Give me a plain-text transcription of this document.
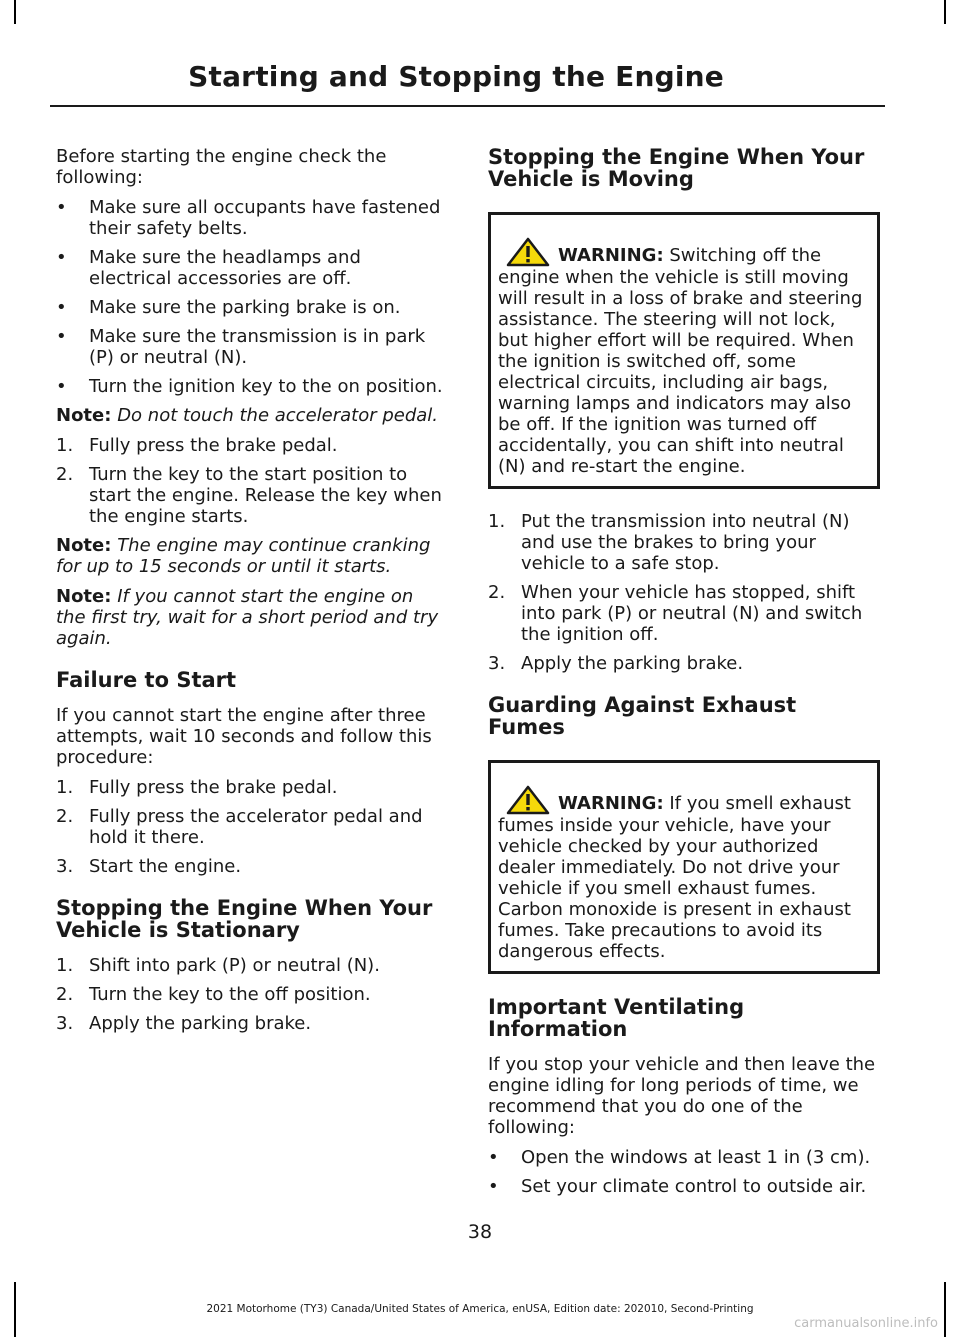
Starting and Stopping the Engine

Before starting the engine check the following:

• Make sure all occupants have fastened their safety belts.
• Make sure the headlamps and electrical accessories are off.
• Make sure the parking brake is on.
• Make sure the transmission is in park (P) or neutral (N).
• Turn the ignition key to the on position.

Note: Do not touch the accelerator pedal.

1. Fully press the brake pedal.
2. Turn the key to the start position to start the engine. Release the key when the engine starts.

Note: The engine may continue cranking for up to 15 seconds or until it starts.

Note: If you cannot start the engine on the first try, wait for a short period and try again.

Failure to Start

If you cannot start the engine after three attempts, wait 10 seconds and follow this procedure:

1. Fully press the brake pedal.
2. Fully press the accelerator pedal and hold it there.
3. Start the engine.
Stopping the Engine When Your Vehicle is Stationary
1. Shift into park (P) or neutral (N).
2. Turn the key to the off position.
3. Apply the parking brake.
Stopping the Engine When Your Vehicle is Moving
WARNING: Switching off the engine when the vehicle is still moving will result in a loss of brake and steering assistance. The steering will not lock, but higher effort will be required. When the ignition is switched off, some electrical circuits, including air bags, warning lamps and indicators may also be off. If the ignition was turned off accidentally, you can shift into neutral (N) and re-start the engine.
1. Put the transmission into neutral (N) and use the brakes to bring your vehicle to a safe stop.
2. When your vehicle has stopped, shift into park (P) or neutral (N) and switch the ignition off.
3. Apply the parking brake.
Guarding Against Exhaust Fumes
WARNING: If you smell exhaust fumes inside your vehicle, have your vehicle checked by your authorized dealer immediately. Do not drive your vehicle if you smell exhaust fumes. Carbon monoxide is present in exhaust fumes. Take precautions to avoid its dangerous effects.
Important Ventilating Information

If you stop your vehicle and then leave the engine idling for long periods of time, we recommend that you do one of the following:

• Open the windows at least 1 in (3 cm).
• Set your climate control to outside air.
38
2021 Motorhome (TY3) Canada/United States of America, enUSA, Edition date: 202010, Second-Printing
carmanualsonline.info
